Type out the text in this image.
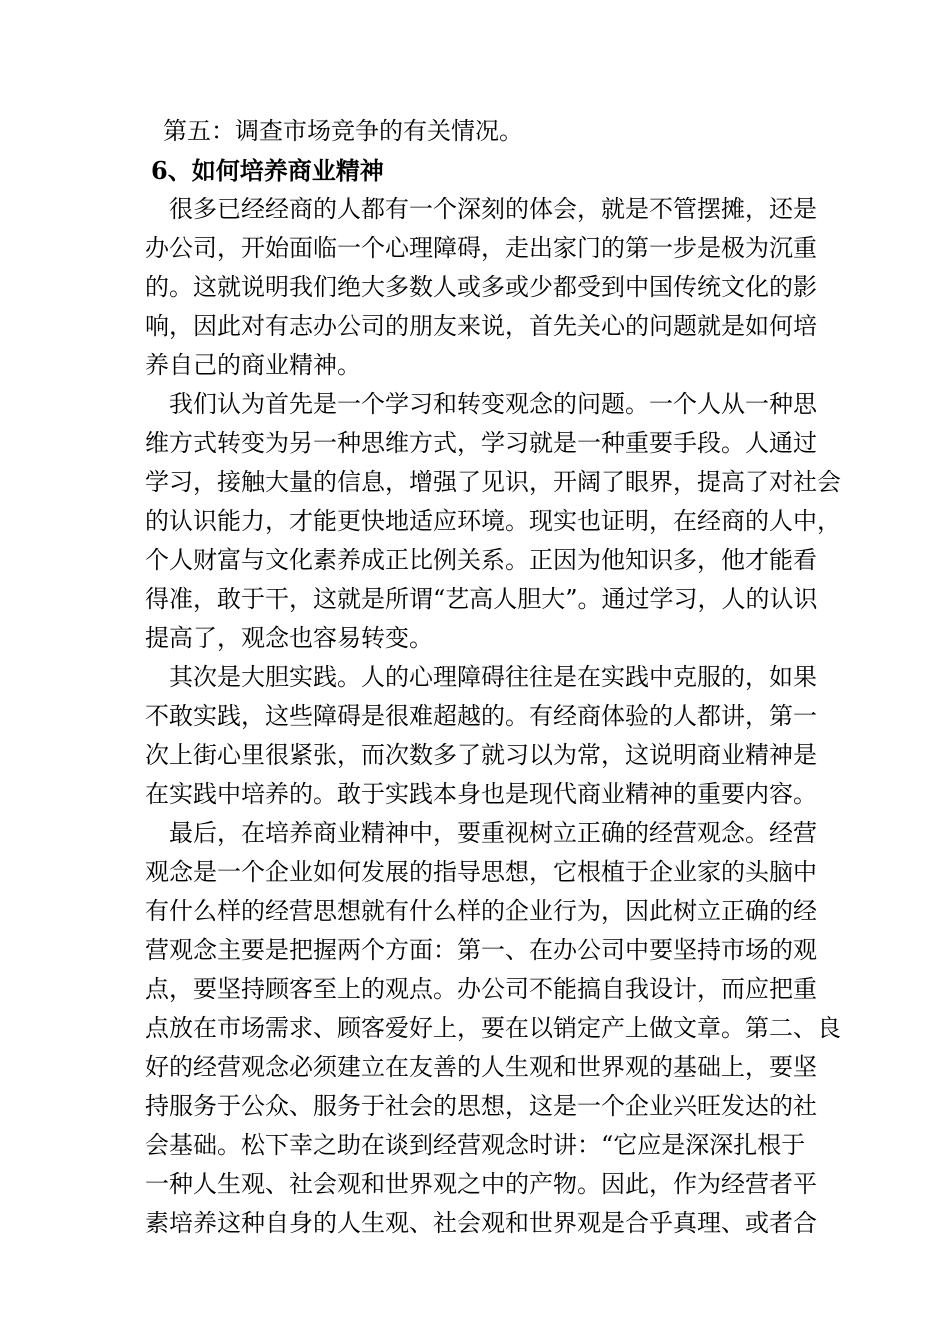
第五：调查市场竞争的有关情况。

6、如何培养商业精神

很多已经经商的人都有一个深刻的体会，就是不管摆摊，还是

办公司，开始面临一个心理障碍，走出家门的第一步是极为沉重

的。这就说明我们绝大多数人或多或少都受到中国传统文化的影

响，因此对有志办公司的朋友来说，首先关心的问题就是如何培

养自己的商业精神。

我们认为首先是一个学习和转变观念的问题。一个人从一种思

维方式转变为另一种思维方式，学习就是一种重要手段。人通过

学习，接触大量的信息，增强了见识，开阔了眼界，提高了对社会

的认识能力，才能更快地适应环境。现实也证明，在经商的人中，

个人财富与文化素养成正比例关系。正因为他知识多，他才能看

得准，敢于干，这就是所谓“艺高人胆大”。通过学习，人的认识

提高了，观念也容易转变。

其次是大胆实践。人的心理障碍往往是在实践中克服的，如果

不敢实践，这些障碍是很难超越的。有经商体验的人都讲，第一

次上街心里很紧张，而次数多了就习以为常，这说明商业精神是

在实践中培养的。敢于实践本身也是现代商业精神的重要内容。

最后，在培养商业精神中，要重视树立正确的经营观念。经营

观念是一个企业如何发展的指导思想，它根植于企业家的头脑中

有什么样的经营思想就有什么样的企业行为，因此树立正确的经

营观念主要是把握两个方面：第一、在办公司中要坚持市场的观

点，要坚持顾客至上的观点。办公司不能搞自我设计，而应把重

点放在市场需求、顾客爱好上，要在以销定产上做文章。第二、良

好的经营观念必须建立在友善的人生观和世界观的基础上，要坚

持服务于公众、服务于社会的思想，这是一个企业兴旺发达的社

会基础。松下幸之助在谈到经营观念时讲：“它应是深深扎根于

一种人生观、社会观和世界观之中的产物。因此，作为经营者平

素培养这种自身的人生观、社会观和世界观是合乎真理、或者合
